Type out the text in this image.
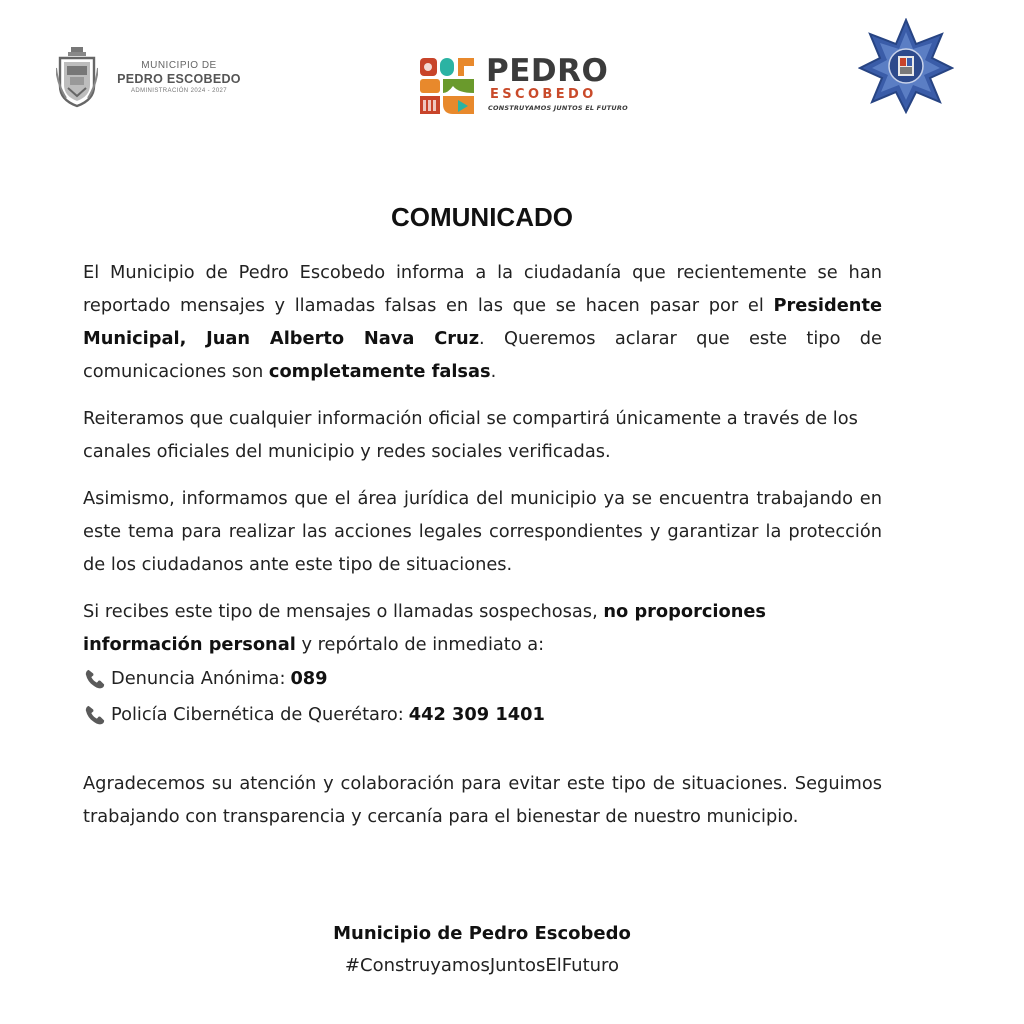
MUNICIPIO DE
PEDRO ESCOBEDO
ADMINISTRACIÓN 2024 - 2027
PEDRO
ESCOBEDO
CONSTRUYAMOS JUNTOS EL FUTURO
COMUNICADO

El Municipio de Pedro Escobedo informa a la ciudadanía que recientemente se han reportado mensajes y llamadas falsas en las que se hacen pasar por el Presidente Municipal, Juan Alberto Nava Cruz. Queremos aclarar que este tipo de comunicaciones son completamente falsas.

Reiteramos que cualquier información oficial se compartirá únicamente a través de los canales oficiales del municipio y redes sociales verificadas.

Asimismo, informamos que el área jurídica del municipio ya se encuentra trabajando en este tema para realizar las acciones legales correspondientes y garantizar la protección de los ciudadanos ante este tipo de situaciones.

Si recibes este tipo de mensajes o llamadas sospechosas, no proporciones información personal y repórtalo de inmediato a:

Denuncia Anónima: 089
Policía Cibernética de Querétaro: 442 309 1401

Agradecemos su atención y colaboración para evitar este tipo de situaciones. Seguimos trabajando con transparencia y cercanía para el bienestar de nuestro municipio.

Municipio de Pedro Escobedo
#ConstruyamosJuntosElFuturo
